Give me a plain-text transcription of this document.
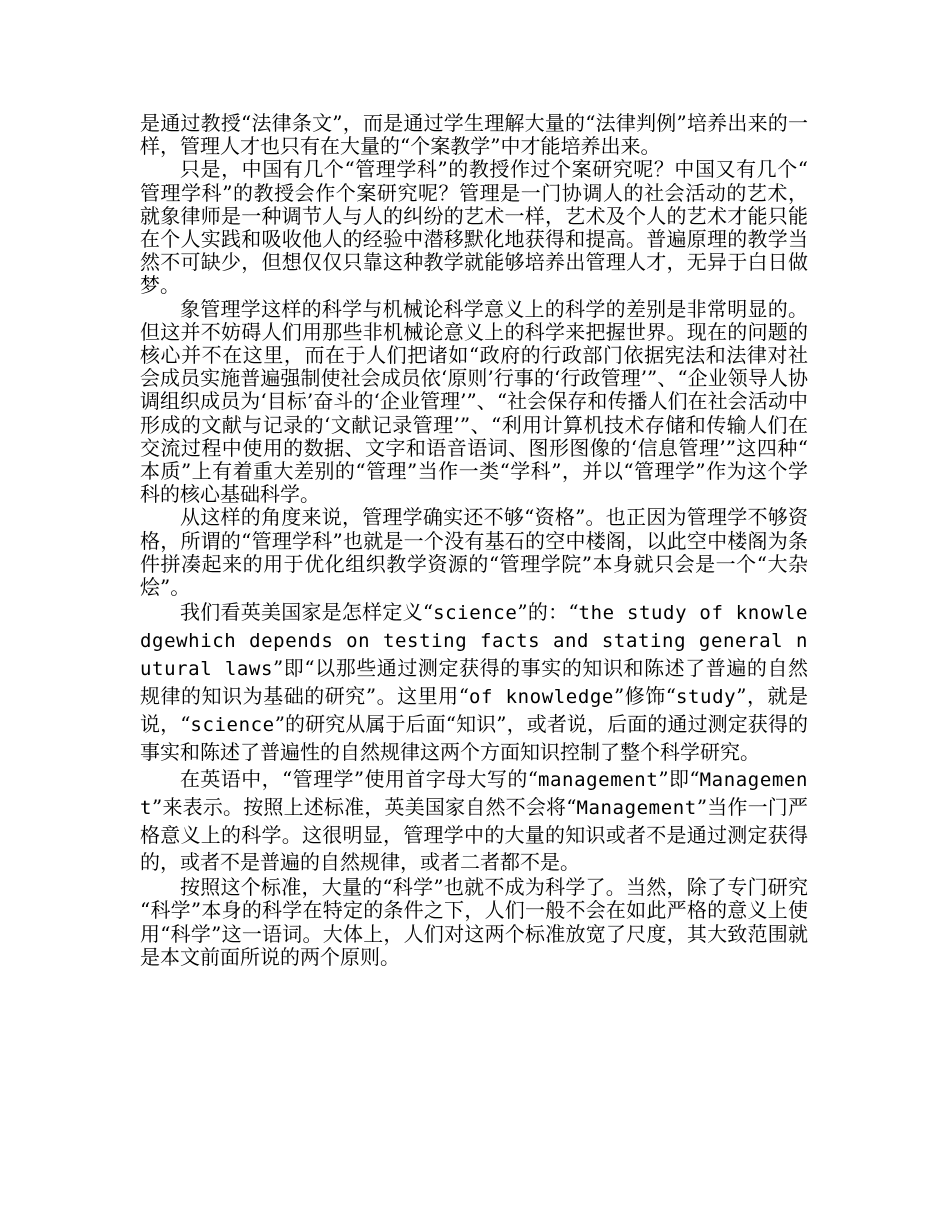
是通过教授“法律条文”，而是通过学生理解大量的“法律判例”培养出来的一样，管理人才也只有在大量的“个案教学”中才能培养出来。

只是，中国有几个“管理学科”的教授作过个案研究呢？中国又有几个“管理学科”的教授会作个案研究呢？管理是一门协调人的社会活动的艺术，就象律师是一种调节人与人的纠纷的艺术一样，艺术及个人的艺术才能只能在个人实践和吸收他人的经验中潜移默化地获得和提高。普遍原理的教学当然不可缺少，但想仅仅只靠这种教学就能够培养出管理人才，无异于白日做梦。

象管理学这样的科学与机械论科学意义上的科学的差别是非常明显的。但这并不妨碍人们用那些非机械论意义上的科学来把握世界。现在的问题的核心并不在这里，而在于人们把诸如“政府的行政部门依据宪法和法律对社会成员实施普遍强制使社会成员依‘原则’行事的‘行政管理’”、“企业领导人协调组织成员为‘目标’奋斗的‘企业管理’”、“社会保存和传播人们在社会活动中形成的文献与记录的‘文献记录管理’”、“利用计算机技术存储和传输人们在交流过程中使用的数据、文字和语音语词、图形图像的‘信息管理’”这四种“本质”上有着重大差别的“管理”当作一类“学科”，并以“管理学”作为这个学科的核心基础科学。

从这样的角度来说，管理学确实还不够“资格”。也正因为管理学不够资格，所谓的“管理学科”也就是一个没有基石的空中楼阁，以此空中楼阁为条件拼凑起来的用于优化组织教学资源的“管理学院”本身就只会是一个“大杂烩”。

我们看英美国家是怎样定义“science”的：“the study of knowledgewhich depends on testing facts and stating general nutural laws”即“以那些通过测定获得的事实的知识和陈述了普遍的自然规律的知识为基础的研究”。这里用“of knowledge”修饰“study”，就是说，“science”的研究从属于后面“知识”，或者说，后面的通过测定获得的事实和陈述了普遍性的自然规律这两个方面知识控制了整个科学研究。

在英语中，“管理学”使用首字母大写的“management”即“Management”来表示。按照上述标准，英美国家自然不会将“Management”当作一门严格意义上的科学。这很明显，管理学中的大量的知识或者不是通过测定获得的，或者不是普遍的自然规律，或者二者都不是。

按照这个标准，大量的“科学”也就不成为科学了。当然，除了专门研究“科学”本身的科学在特定的条件之下，人们一般不会在如此严格的意义上使用“科学”这一语词。大体上，人们对这两个标准放宽了尺度，其大致范围就是本文前面所说的两个原则。
